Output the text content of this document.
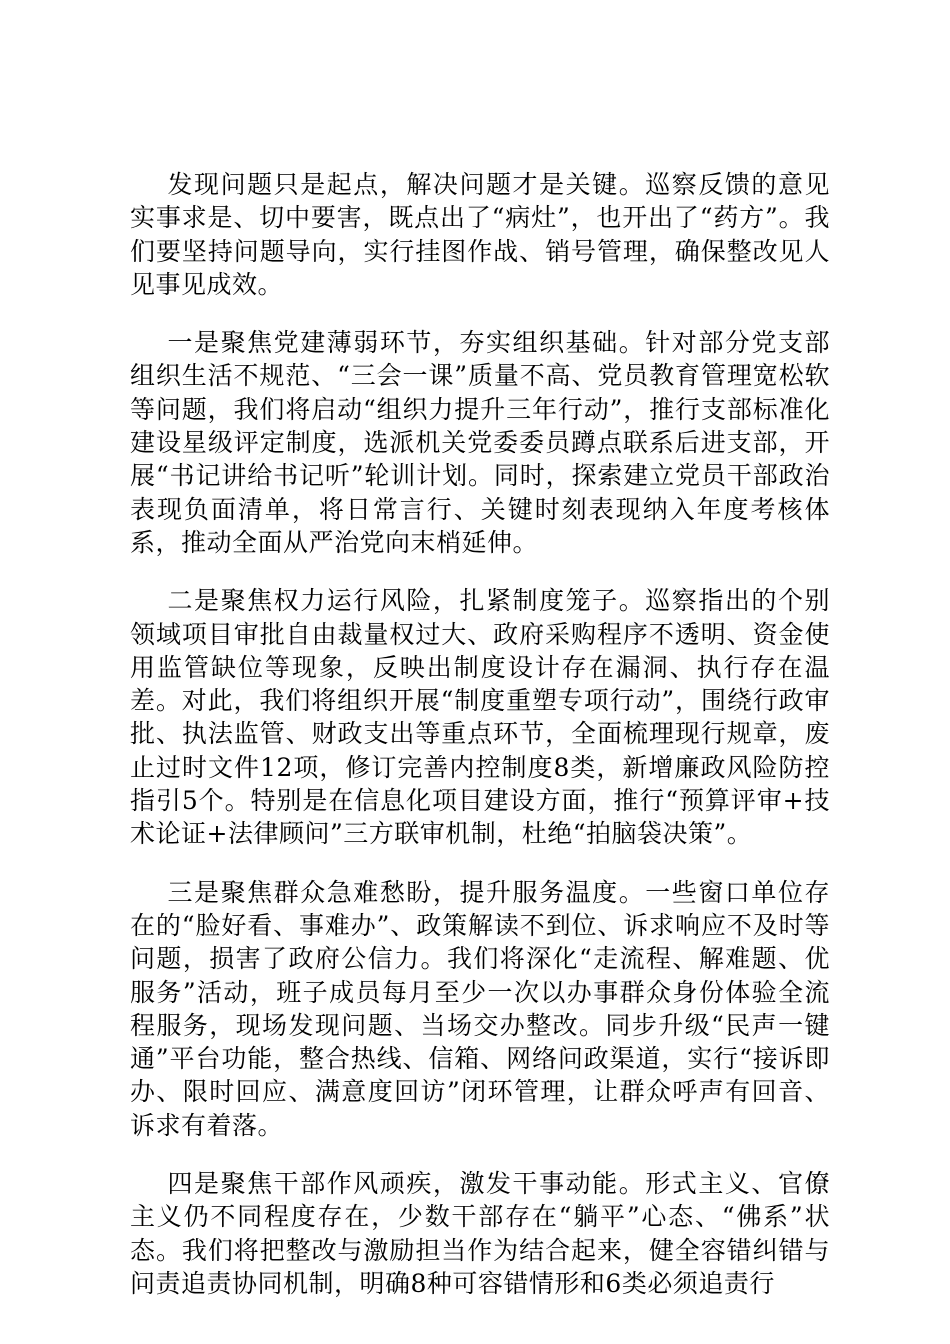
发现问题只是起点，解决问题才是关键。巡察反馈的意见实事求是、切中要害，既点出了“病灶”，也开出了“药方”。我们要坚持问题导向，实行挂图作战、销号管理，确保整改见人见事见成效。

一是聚焦党建薄弱环节，夯实组织基础。针对部分党支部组织生活不规范、“三会一课”质量不高、党员教育管理宽松软等问题，我们将启动“组织力提升三年行动”，推行支部标准化建设星级评定制度，选派机关党委委员蹲点联系后进支部，开展“书记讲给书记听”轮训计划。同时，探索建立党员干部政治表现负面清单，将日常言行、关键时刻表现纳入年度考核体系，推动全面从严治党向末梢延伸。

二是聚焦权力运行风险，扎紧制度笼子。巡察指出的个别领域项目审批自由裁量权过大、政府采购程序不透明、资金使用监管缺位等现象，反映出制度设计存在漏洞、执行存在温差。对此，我们将组织开展“制度重塑专项行动”，围绕行政审批、执法监管、财政支出等重点环节，全面梳理现行规章，废止过时文件12项，修订完善内控制度8类，新增廉政风险防控指引5个。特别是在信息化项目建设方面，推行“预算评审+技术论证+法律顾问”三方联审机制，杜绝“拍脑袋决策”。

三是聚焦群众急难愁盼，提升服务温度。一些窗口单位存在的“脸好看、事难办”、政策解读不到位、诉求响应不及时等问题，损害了政府公信力。我们将深化“走流程、解难题、优服务”活动，班子成员每月至少一次以办事群众身份体验全流程服务，现场发现问题、当场交办整改。同步升级“民声一键通”平台功能，整合热线、信箱、网络问政渠道，实行“接诉即办、限时回应、满意度回访”闭环管理，让群众呼声有回音、诉求有着落。

四是聚焦干部作风顽疾，激发干事动能。形式主义、官僚主义仍不同程度存在，少数干部存在“躺平”心态、“佛系”状态。我们将把整改与激励担当作为结合起来，健全容错纠错与问责追责协同机制，明确8种可容错情形和6类必须追责行
